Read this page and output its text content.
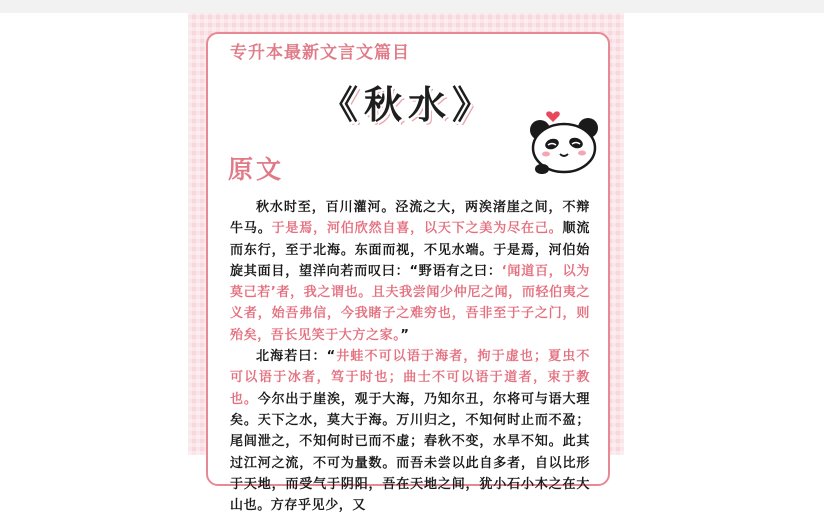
专升本最新文言文篇目
《秋水》
原文

秋水时至，百川灌河。泾流之大，两涘渚崖之间，不辩牛马。于是焉，河伯欣然自喜，以天下之美为尽在己。顺流而东行，至于北海。东面而视，不见水端。于是焉，河伯始旋其面目，望洋向若而叹曰：“野语有之曰：‘闻道百，以为莫己若’者，我之谓也。且夫我尝闻少仲尼之闻，而轻伯夷之义者，始吾弗信，今我睹子之难穷也，吾非至于子之门，则殆矣，吾长见笑于大方之家。”

北海若曰：“井蛙不可以语于海者，拘于虚也；夏虫不可以语于冰者，笃于时也；曲士不可以语于道者，束于教也。今尔出于崖涘，观于大海，乃知尔丑，尔将可与语大理矣。天下之水，莫大于海。万川归之，不知何时止而不盈；尾闾泄之，不知何时已而不虚；春秋不变，水旱不知。此其过江河之流，不可为量数。而吾未尝以此自多者，自以比形于天地，而受气于阴阳，吾在天地之间，犹小石小木之在大山也。方存乎见少，又
